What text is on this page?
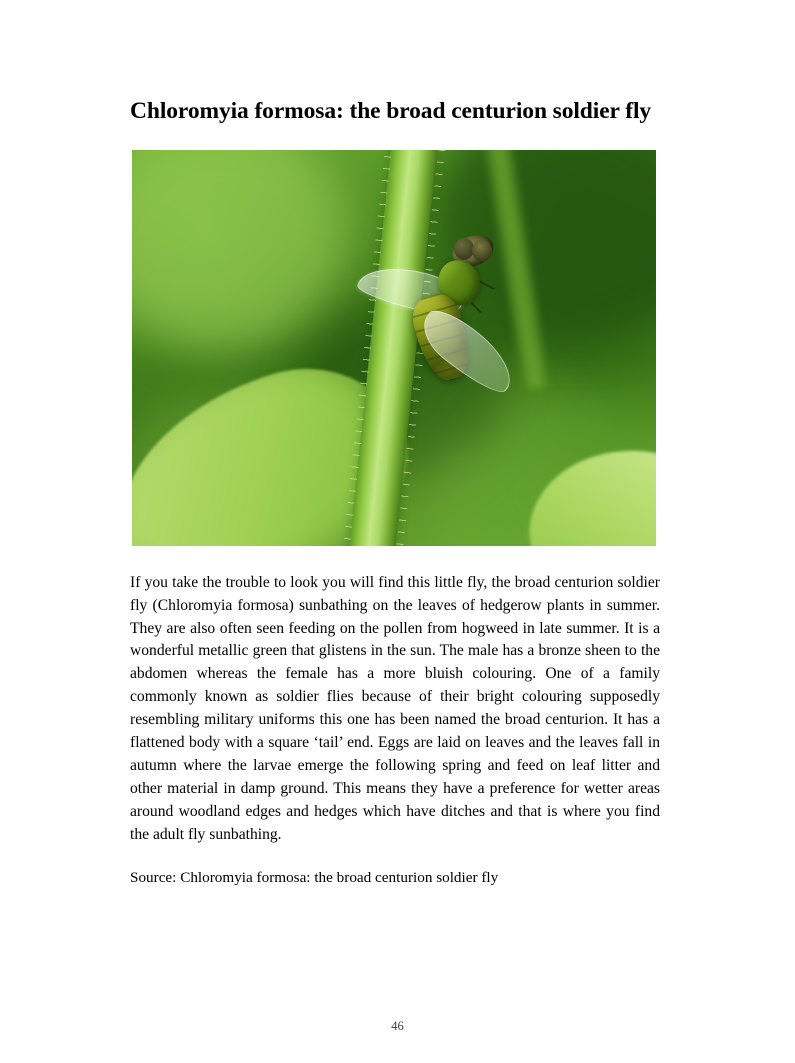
Chloromyia formosa: the broad centurion soldier fly

If you take the trouble to look you will find this little fly, the broad centurion soldier fly (Chloromyia formosa) sunbathing on the leaves of hedgerow plants in summer. They are also often seen feeding on the pollen from hogweed in late summer. It is a wonderful metallic green that glistens in the sun. The male has a bronze sheen to the abdomen whereas the female has a more bluish colouring. One of a family commonly known as soldier flies because of their bright colouring supposedly resembling military uniforms this one has been named the broad centurion. It has a flattened body with a square ‘tail’ end. Eggs are laid on leaves and the leaves fall in autumn where the larvae emerge the following spring and feed on leaf litter and other material in damp ground. This means they have a preference for wetter areas around woodland edges and hedges which have ditches and that is where you find the adult fly sunbathing.

Source: Chloromyia formosa: the broad centurion soldier fly

46
